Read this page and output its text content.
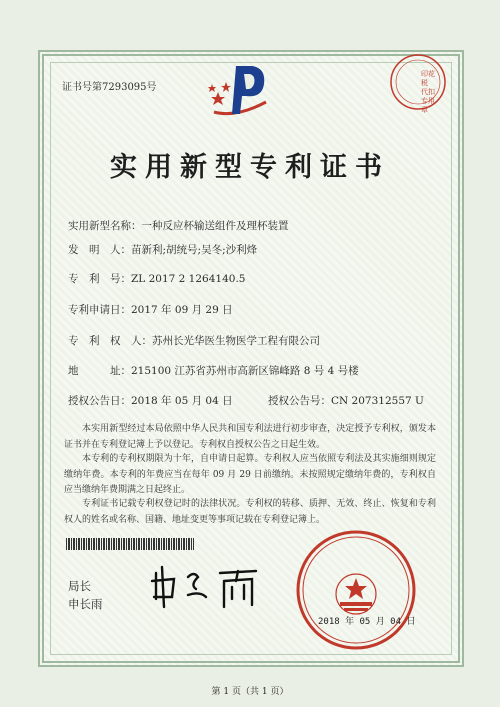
证书号第7293095号
印花税 代扣专用章
实用新型专利证书
实用新型名称：一种反应杯输送组件及理杯装置
发　明　人：苗新利;胡统号;吴冬;沙利烽
专　利　号：ZL 2017 2 1264140.5
专利申请日：2017 年 09 月 29 日
专　利　权　人：苏州长光华医生物医学工程有限公司
地　　　址：215100 江苏省苏州市高新区锦峰路 8 号 4 号楼
授权公告日：2018 年 05 月 04 日	授权公告号：CN 207312557 U
本实用新型经过本局依照中华人民共和国专利法进行初步审查，决定授予专利权，颁发本证书并在专利登记簿上予以登记。专利权自授权公告之日起生效。
本专利的专利权期限为十年，自申请日起算。专利权人应当依照专利法及其实施细则规定缴纳年费。本专利的年费应当在每年 09 月 29 日前缴纳。未按照规定缴纳年费的，专利权自应当缴纳年费期满之日起终止。
专利证书记载专利权登记时的法律状况。专利权的转移、质押、无效、终止、恢复和专利权人的姓名或名称、国籍、地址变更等事项记载在专利登记簿上。
局长
申长雨
2018 年 05 月 04 日
第 1 页（共 1 页）
